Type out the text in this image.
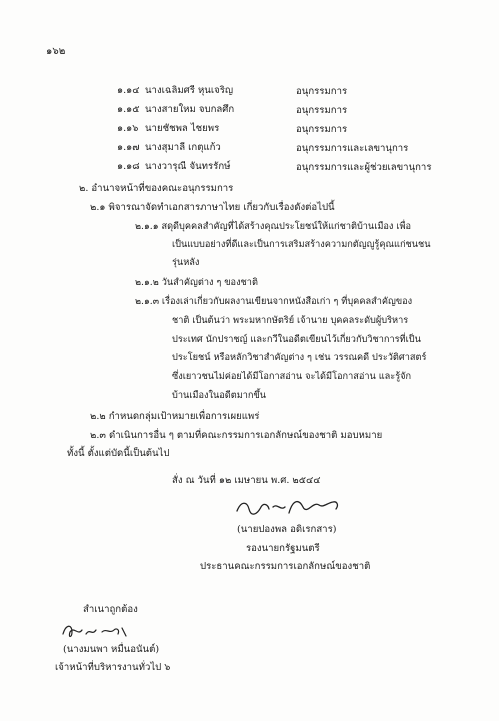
๑๖๒
๑.๑๔ นางเฉลิมศรี หุนเจริญ	อนุกรรมการ
๑.๑๕ นางสายใหม จบกลศึก	อนุกรรมการ
๑.๑๖ นายชัชพล ไชยพร	อนุกรรมการ
๑.๑๗ นางสุมาลี เกตุแก้ว	อนุกรรมการและเลขานุการ
๑.๑๘ นางวารุณี จันทรรักษ์	อนุกรรมการและผู้ช่วยเลขานุการ
๒. อำนาจหน้าที่ของคณะอนุกรรมการ
๒.๑ พิจารณาจัดทำเอกสารภาษาไทย เกี่ยวกับเรื่องดังต่อไปนี้
๒.๑.๑ สดุดีบุคคลสำคัญที่ได้สร้างคุณประโยชน์ให้แก่ชาติบ้านเมือง เพื่อ
เป็นแบบอย่างที่ดีและเป็นการเสริมสร้างความกตัญญูรู้คุณแก่ชนชน
รุ่นหลัง
๒.๑.๒ วันสำคัญต่าง ๆ ของชาติ
๒.๑.๓ เรื่องเล่าเกี่ยวกับผลงานเขียนจากหนังสือเก่า ๆ ที่บุคคลสำคัญของ
ชาติ เป็นต้นว่า พระมหากษัตริย์ เจ้านาย บุคคลระดับผู้บริหาร
ประเทศ นักปราชญ์ และกวีในอดีตเขียนไว้เกี่ยวกับวิชาการที่เป็น
ประโยชน์ หรือหลักวิชาสำคัญต่าง ๆ เช่น วรรณคดี ประวัติศาสตร์
ซึ่งเยาวชนไม่ค่อยได้มีโอกาสอ่าน จะได้มีโอกาสอ่าน และรู้จัก
บ้านเมืองในอดีตมากขึ้น
๒.๒ กำหนดกลุ่มเป้าหมายเพื่อการเผยแพร่
๒.๓ ดำเนินการอื่น ๆ ตามที่คณะกรรมการเอกลักษณ์ของชาติ มอบหมาย
ทั้งนี้ ตั้งแต่บัดนี้เป็นต้นไป
สั่ง ณ วันที่ ๑๒ เมษายน พ.ศ. ๒๕๔๔
(นายปองพล อดิเรกสาร)
รองนายกรัฐมนตรี
ประธานคณะกรรมการเอกลักษณ์ของชาติ
สำเนาถูกต้อง
(นางมนพา หมื่นอนันต์)
เจ้าหน้าที่บริหารงานทั่วไป ๖
